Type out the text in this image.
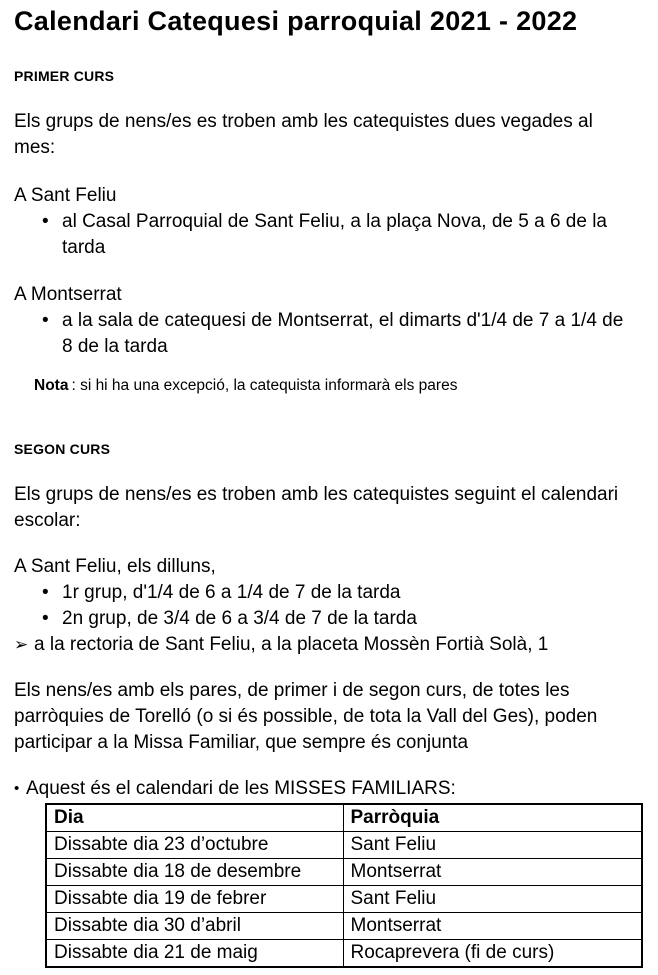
Calendari Catequesi parroquial 2021 - 2022
PRIMER CURS
Els grups de nens/es es troben amb les catequistes dues vegades al mes:
A Sant Feliu
• al Casal Parroquial de Sant Feliu, a la plaça Nova, de 5 a 6 de la tarda
A Montserrat
• a la sala de catequesi de Montserrat, el dimarts d'1/4 de 7 a 1/4 de 8 de la tarda
Nota : si hi ha una excepció, la catequista informarà els pares
SEGON CURS
Els grups de nens/es es troben amb les catequistes seguint el calendari escolar:
A Sant Feliu, els dilluns,
• 1r grup, d'1/4 de 6 a 1/4 de 7 de la tarda
• 2n grup, de 3/4 de 6 a 3/4 de 7 de la tarda
➢ a la rectoria de Sant Feliu, a la placeta Mossèn Fortià Solà, 1
Els nens/es amb els pares, de primer i de segon curs, de totes les parròquies de Torelló (o si és possible, de tota la Vall del Ges), poden participar a la Missa Familiar, que sempre és conjunta
• Aquest és el calendari de les MISSES FAMILIARS:
Dia	Parròquia
Dissabte dia 23 d’octubre	Sant Feliu
Dissabte dia 18 de desembre	Montserrat
Dissabte dia 19 de febrer	Sant Feliu
Dissabte dia 30 d’abril	Montserrat
Dissabte dia 21 de maig	Rocaprevera (fi de curs)
